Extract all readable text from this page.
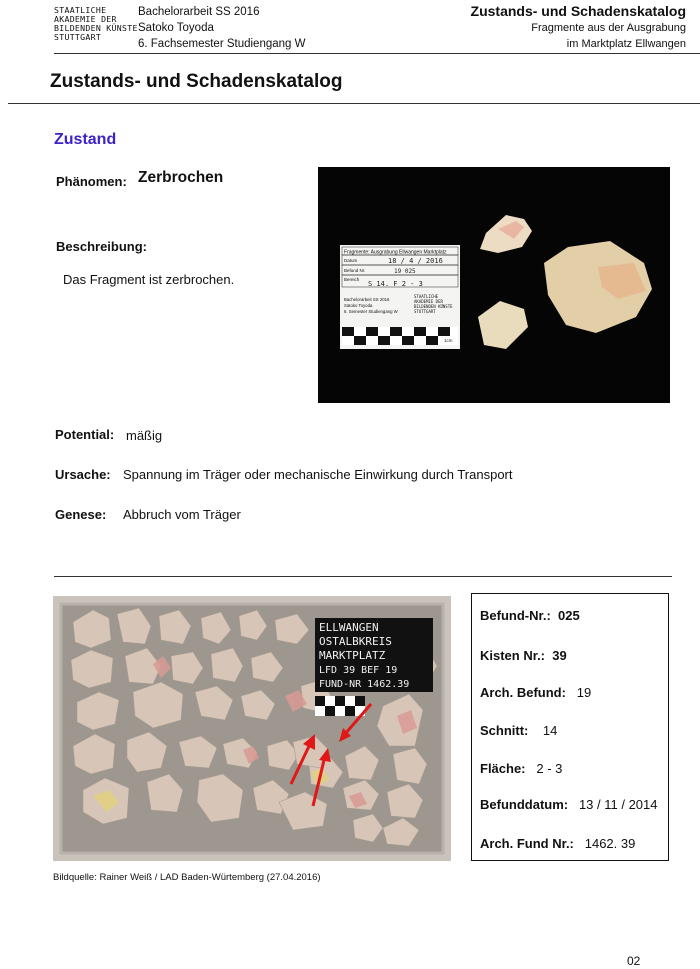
STAATLICHE
AKADEMIE DER
BILDENDEN KÜNSTE
STUTTGART
Bachelorarbeit SS 2016
Satoko Toyoda
6. Fachsemester Studiengang W
Zustands- und Schadenskatalog
Fragmente aus der Ausgrabung
im Marktplatz Ellwangen
Zustands- und Schadenskatalog
Zustand
Phänomen: Zerbrochen
Beschreibung:
Das Fragment ist zerbrochen.
Fragmente: Ausgrabung Ellwangen Marktplatz
Datum	18 / 4 / 2016
Befund Nr.	19 025
Bereich
S 14. F 2 - 3
Bachelorarbeit SS 2016
Satoko Toyoda
6. Semester Studiengang W
STAATLICHE
AKADEMIE DER
BILDENDEN KÜNSTE
STUTTGART
1cm
Potential: mäßig
Ursache: Spannung im Träger oder mechanische Einwirkung durch Transport
Genese: Abbruch vom Träger
ELLWANGEN
OSTALBKREIS
MARKTPLATZ
LFD 39 BEF 19
FUND-NR 1462.39
Befund-Nr.: 025
Kisten Nr.: 39
Arch. Befund: 19
Schnitt: 14
Fläche: 2 - 3
Befunddatum: 13 / 11 / 2014
Arch. Fund Nr.: 1462. 39
Bildquelle: Rainer Weiß / LAD Baden-Würtemberg (27.04.2016)
02
